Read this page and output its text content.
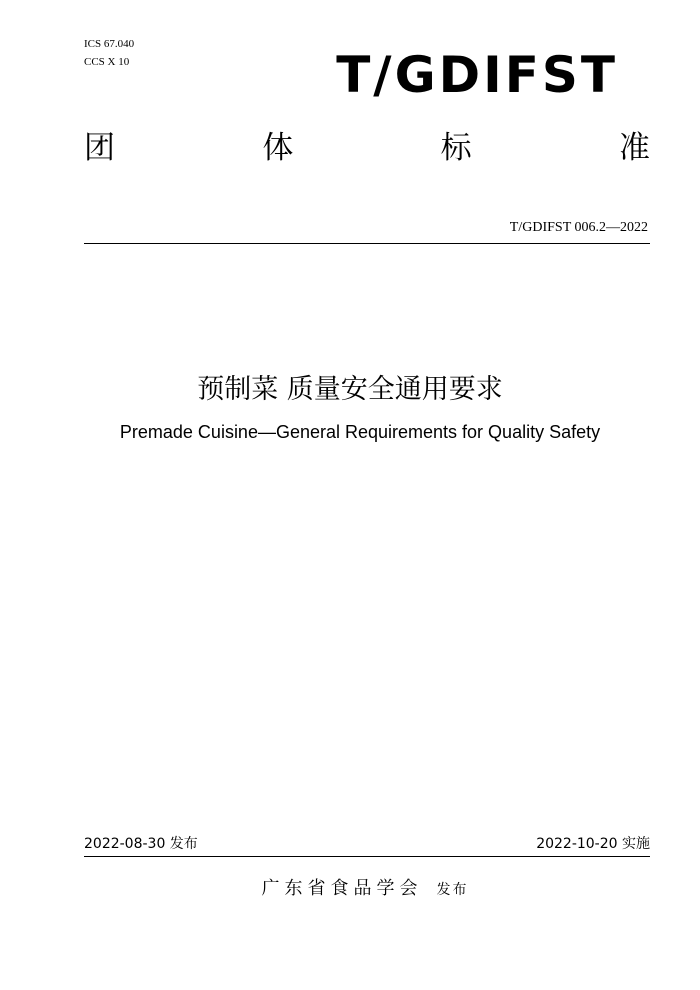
ICS 67.040
CCS X 10	T/GDIFST
团	体	标	准
T/GDIFST 006.2—2022
预制菜 质量安全通用要求
Premade Cuisine—General Requirements for Quality Safety
2022-08-30 发布	2022-10-20 实施
广东省食品学会 发布
